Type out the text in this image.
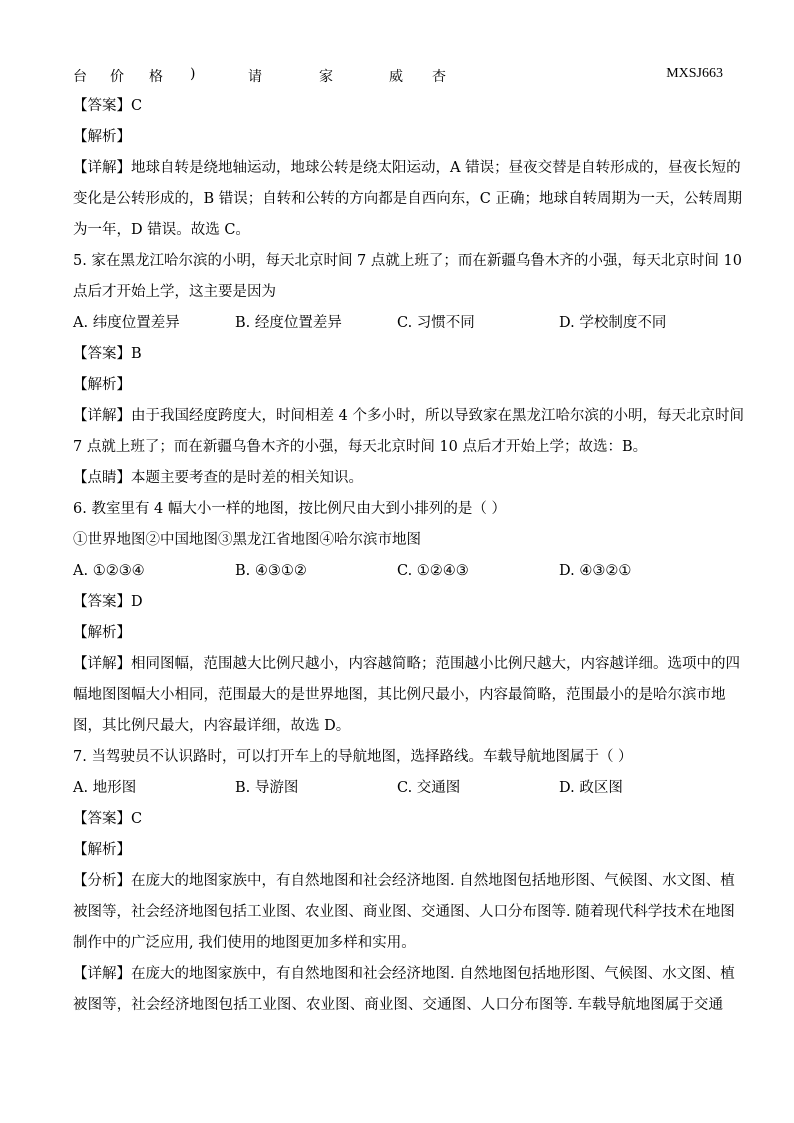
台 价 格 )	请	家	威 杏	MXSJ663
【答案】C
【解析】
【详解】地球自转是绕地轴运动，地球公转是绕太阳运动，A 错误；昼夜交替是自转形成的，昼夜长短的
变化是公转形成的，B 错误；自转和公转的方向都是自西向东，C 正确；地球自转周期为一天，公转周期
为一年，D 错误。故选 C。
5. 家在黑龙江哈尔滨的小明，每天北京时间 7 点就上班了；而在新疆乌鲁木齐的小强，每天北京时间 10
点后才开始上学，这主要是因为
A. 纬度位置差异	B. 经度位置差异	C. 习惯不同	D. 学校制度不同
【答案】B
【解析】
【详解】由于我国经度跨度大，时间相差 4 个多小时，所以导致家在黑龙江哈尔滨的小明，每天北京时间
7 点就上班了；而在新疆乌鲁木齐的小强，每天北京时间 10 点后才开始上学；故选：B。
【点睛】本题主要考查的是时差的相关知识。
6. 教室里有 4 幅大小一样的地图，按比例尺由大到小排列的是（ ）
①世界地图②中国地图③黑龙江省地图④哈尔滨市地图
A. ①②③④	B. ④③①②	C. ①②④③	D. ④③②①
【答案】D
【解析】
【详解】相同图幅，范围越大比例尺越小，内容越简略；范围越小比例尺越大，内容越详细。选项中的四
幅地图图幅大小相同，范围最大的是世界地图，其比例尺最小，内容最简略，范围最小的是哈尔滨市地
图，其比例尺最大，内容最详细，故选 D。
7. 当驾驶员不认识路时，可以打开车上的导航地图，选择路线。车载导航地图属于（ ）
A. 地形图	B. 导游图	C. 交通图	D. 政区图
【答案】C
【解析】
【分析】在庞大的地图家族中，有自然地图和社会经济地图. 自然地图包括地形图、气候图、水文图、植
被图等，社会经济地图包括工业图、农业图、商业图、交通图、人口分布图等. 随着现代科学技术在地图
制作中的广泛应用, 我们使用的地图更加多样和实用。
【详解】在庞大的地图家族中，有自然地图和社会经济地图. 自然地图包括地形图、气候图、水文图、植
被图等，社会经济地图包括工业图、农业图、商业图、交通图、人口分布图等. 车载导航地图属于交通
